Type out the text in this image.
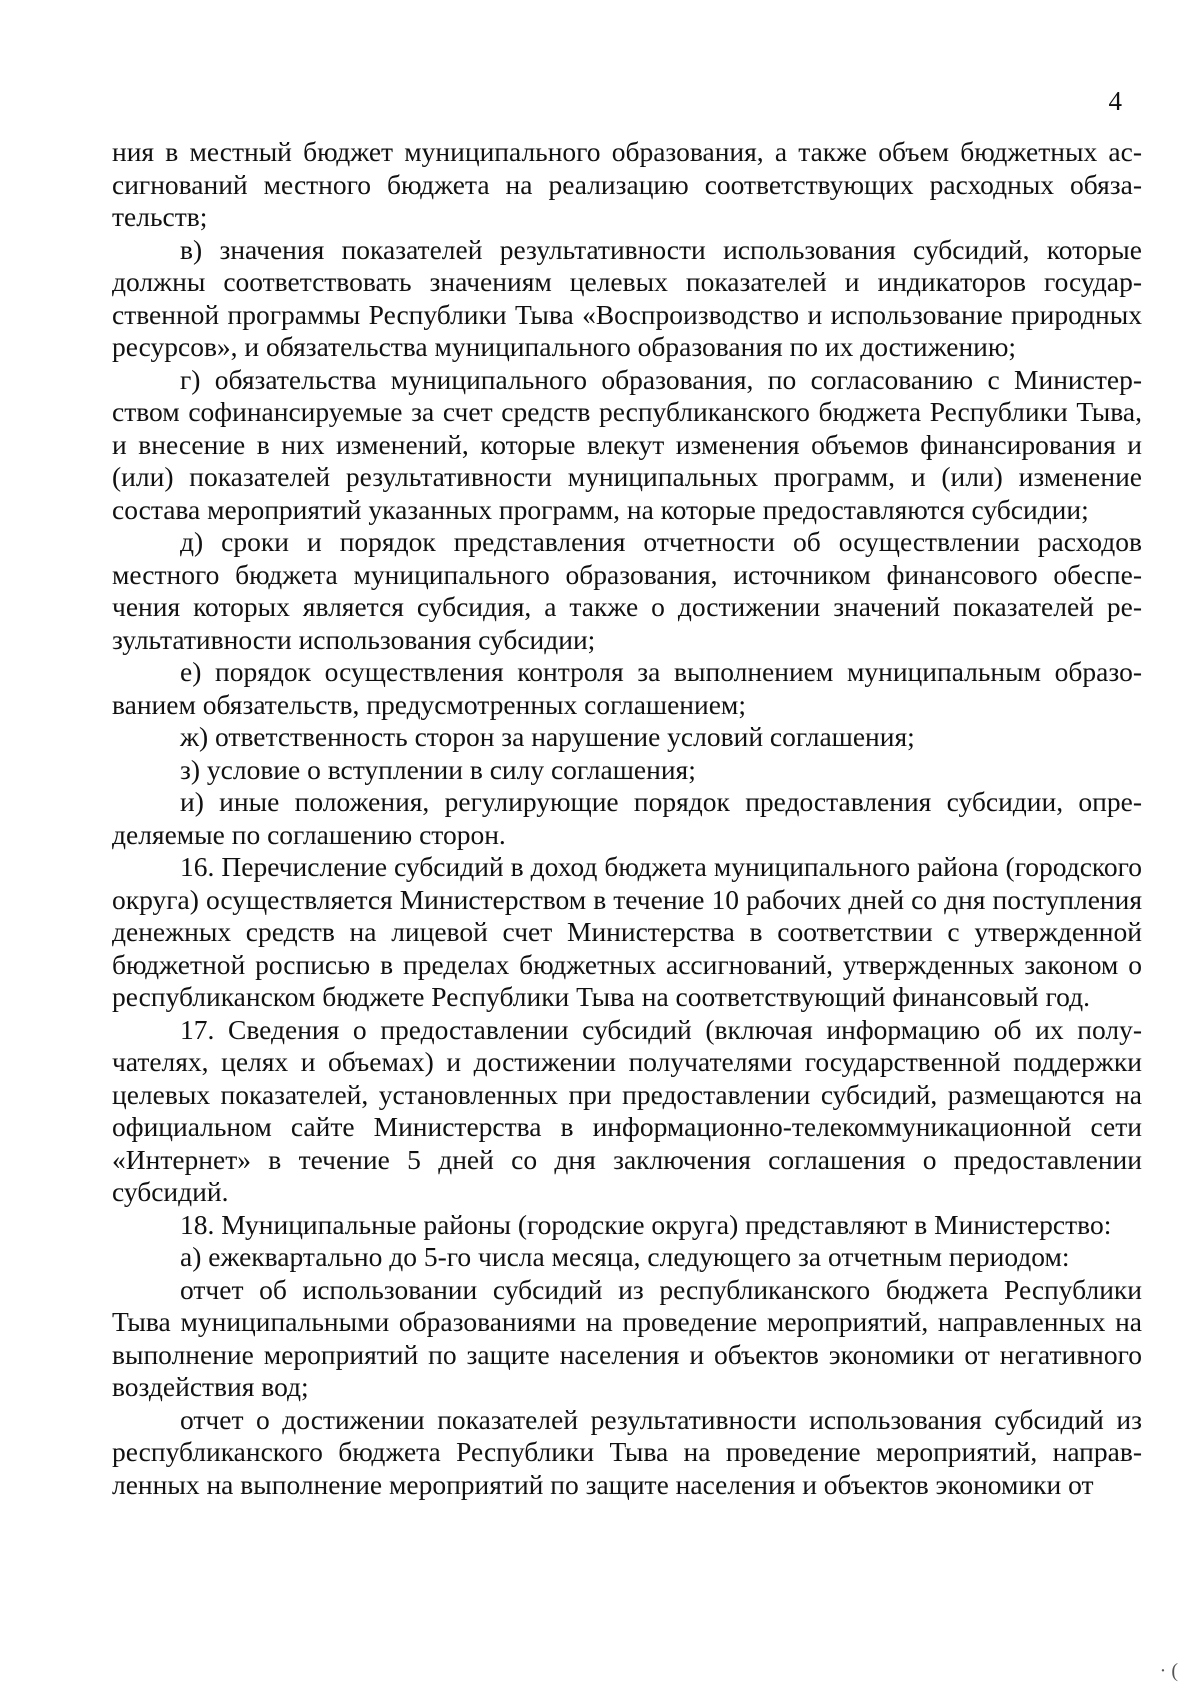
4

ния в местный бюджет муниципального образования, а также объем бюджетных ассигнований местного бюджета на реализацию соответствующих расходных обязательств;

в) значения показателей результативности использования субсидий, которые должны соответствовать значениям целевых показателей и индикаторов государственной программы Республики Тыва «Воспроизводство и использование природных ресурсов», и обязательства муниципального образования по их достижению;

г) обязательства муниципального образования, по согласованию с Министерством софинансируемые за счет средств республиканского бюджета Республики Тыва, и внесение в них изменений, которые влекут изменения объемов финансирования и (или) показателей результативности муниципальных программ, и (или) изменение состава мероприятий указанных программ, на которые предоставляются субсидии;

д) сроки и порядок представления отчетности об осуществлении расходов местного бюджета муниципального образования, источником финансового обеспечения которых является субсидия, а также о достижении значений показателей результативности использования субсидии;

е) порядок осуществления контроля за выполнением муниципальным образованием обязательств, предусмотренных соглашением;

ж) ответственность сторон за нарушение условий соглашения;

з) условие о вступлении в силу соглашения;

и) иные положения, регулирующие порядок предоставления субсидии, определяемые по соглашению сторон.

16. Перечисление субсидий в доход бюджета муниципального района (городского округа) осуществляется Министерством в течение 10 рабочих дней со дня поступления денежных средств на лицевой счет Министерства в соответствии с утвержденной бюджетной росписью в пределах бюджетных ассигнований, утвержденных законом о республиканском бюджете Республики Тыва на соответствующий финансовый год.

17. Сведения о предоставлении субсидий (включая информацию об их получателях, целях и объемах) и достижении получателями государственной поддержки целевых показателей, установленных при предоставлении субсидий, размещаются на официальном сайте Министерства в информационно-телекоммуникационной сети «Интернет» в течение 5 дней со дня заключения соглашения о предоставлении субсидий.

18. Муниципальные районы (городские округа) представляют в Министерство:

а) ежеквартально до 5-го числа месяца, следующего за отчетным периодом:

отчет об использовании субсидий из республиканского бюджета Республики Тыва муниципальными образованиями на проведение мероприятий, направленных на выполнение мероприятий по защите населения и объектов экономики от негативного воздействия вод;

отчет о достижении показателей результативности использования субсидий из республиканского бюджета Республики Тыва на проведение мероприятий, направленных на выполнение мероприятий по защите населения и объектов экономики от

· (
